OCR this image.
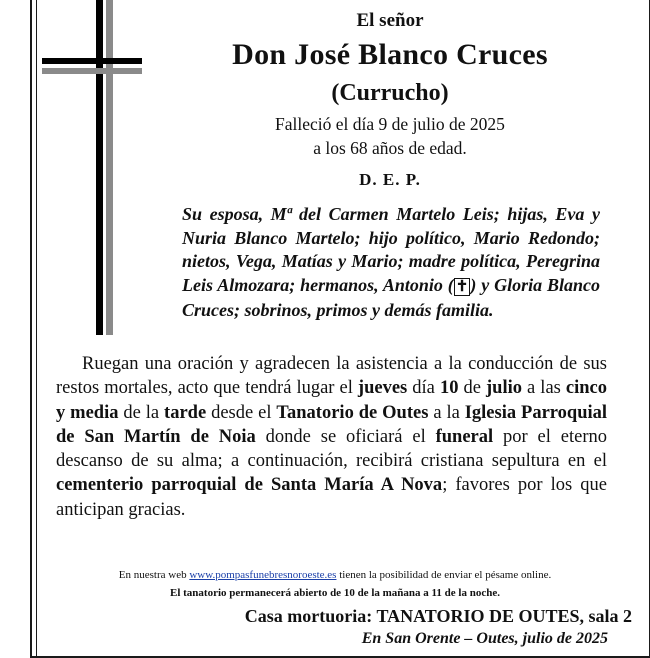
El señor
Don José Blanco Cruces
(Currucho)
Falleció el día 9 de julio de 2025
a los 68 años de edad.
D. E. P.

Su esposa, Mª del Carmen Martelo Leis; hijas, Eva y Nuria Blanco Martelo; hijo político, Mario Redondo; nietos, Vega, Matías y Mario; madre política, Peregrina Leis Almozara; hermanos, Antonio ( ✝ ) y Gloria Blanco Cruces; sobrinos, primos y demás familia.

Ruegan una oración y agradecen la asistencia a la conducción de sus restos mortales, acto que tendrá lugar el jueves día 10 de julio a las cinco y media de la tarde desde el Tanatorio de Outes a la Iglesia Parroquial de San Martín de Noia donde se oficiará el funeral por el eterno descanso de su alma; a continuación, recibirá cristiana sepultura en el cementerio parroquial de Santa María A Nova; favores por los que anticipan gracias.

En nuestra web www.pompasfunebresnoroeste.es tienen la posibilidad de enviar el pésame online.

El tanatorio permanecerá abierto de 10 de la mañana a 11 de la noche.

Casa mortuoria: TANATORIO DE OUTES, sala 2

En San Orente – Outes, julio de 2025
